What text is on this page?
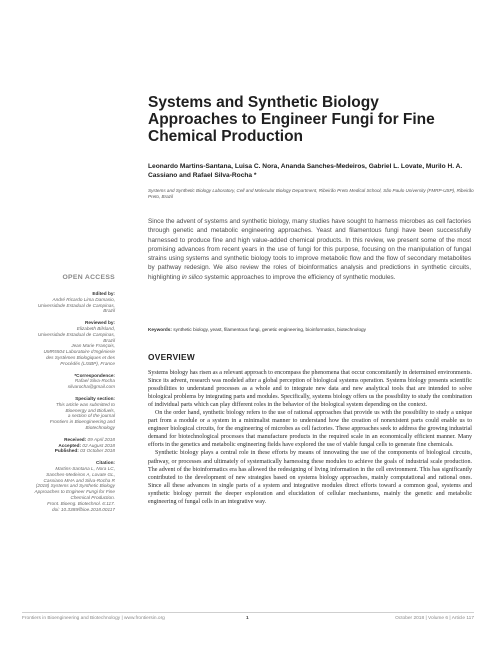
Systems and Synthetic Biology Approaches to Engineer Fungi for Fine Chemical Production
Leonardo Martins-Santana, Luisa C. Nora, Ananda Sanches-Medeiros, Gabriel L. Lovate, Murilo H. A. Cassiano and Rafael Silva-Rocha *
Systems and Synthetic Biology Laboratory, Cell and Molecular Biology Department, Ribeirão Preto Medical School, São Paulo University (FMRP-USP), Ribeirão Preto, Brazil

Since the advent of systems and synthetic biology, many studies have sought to harness microbes as cell factories through genetic and metabolic engineering approaches. Yeast and filamentous fungi have been successfully harnessed to produce fine and high value-added chemical products. In this review, we present some of the most promising advances from recent years in the use of fungi for this purpose, focusing on the manipulation of fungal strains using systems and synthetic biology tools to improve metabolic flow and the flow of secondary metabolites by pathway redesign. We also review the roles of bioinformatics analysis and predictions in synthetic circuits, highlighting in silico systemic approaches to improve the efficiency of synthetic modules.

Keywords: synthetic biology, yeast, filamentous fungi, genetic engineering, bioinformatics, biotechnology
OVERVIEW

Systems biology has risen as a relevant approach to encompass the phenomena that occur concomitantly in determined environments. Since its advent, research was modeled after a global perception of biological systems operation. Systems biology presents scientific possibilities to understand processes as a whole and to integrate new data and new analytical tools that are intended to solve biological problems by integrating parts and modules. Specifically, systems biology offers us the possibility to study the combination of individual parts which can play different roles in the behavior of the biological system depending on the context.

On the order hand, synthetic biology refers to the use of rational approaches that provide us with the possibility to study a unique part from a module or a system in a minimalist manner to understand how the creation of nonexistent parts could enable us to engineer biological circuits, for the engineering of microbes as cell factories. These approaches seek to address the growing industrial demand for biotechnological processes that manufacture products in the required scale in an economically efficient manner. Many efforts in the genetics and metabolic engineering fields have explored the use of viable fungal cells to generate fine chemicals.

Synthetic biology plays a central role in these efforts by means of innovating the use of the components of biological circuits, pathway, or processes and ultimately of systematically harnessing these modules to achieve the goals of industrial scale production. The advent of the bioinformatics era has allowed the redesigning of living information in the cell environment. This has significantly contributed to the development of new strategies based on systems biology approaches, mainly computational and rational ones. Since all these advances in single parts of a system and integrative modules direct efforts toward a common goal, systems and synthetic biology permit the deeper exploration and elucidation of cellular mechanisms, mainly the genetic and metabolic engineering of fungal cells in an integrative way.

OPEN ACCESS
Edited by:
André Ricardo Lima Damasio,
Universidade Estadual de Campinas,
Brazil
Reviewed by:
Elizabeth Bilsland,
Universidade Estadual de Campinas,
Brazil
Jean Marie François,
UMR5504 Laboratoire d'Ingénierie
des Systèmes Biologiques et des
Procédés (LISBP), France
*Correspondence:
Rafael Silva-Rocha
silvarocha@gmail.com
Specialty section:
This article was submitted to
Bioenergy and Biofuels,
a section of the journal
Frontiers in Bioengineering and
Biotechnology
Received: 09 April 2018
Accepted: 02 August 2018
Published: 03 October 2018
Citation:
Martins-Santana L, Nora LC,
Sanches-Medeiros A, Lovate GL,
Cassiano MHA and Silva-Rocha R
(2018) Systems and Synthetic Biology
Approaches to Engineer Fungi for Fine
Chemical Production.
Front. Bioeng. Biotechnol. 6:117.
doi: 10.3389/fbioe.2018.00117
Frontiers in Bioengineering and Biotechnology | www.frontiersin.org	1	October 2018 | Volume 6 | Article 117
